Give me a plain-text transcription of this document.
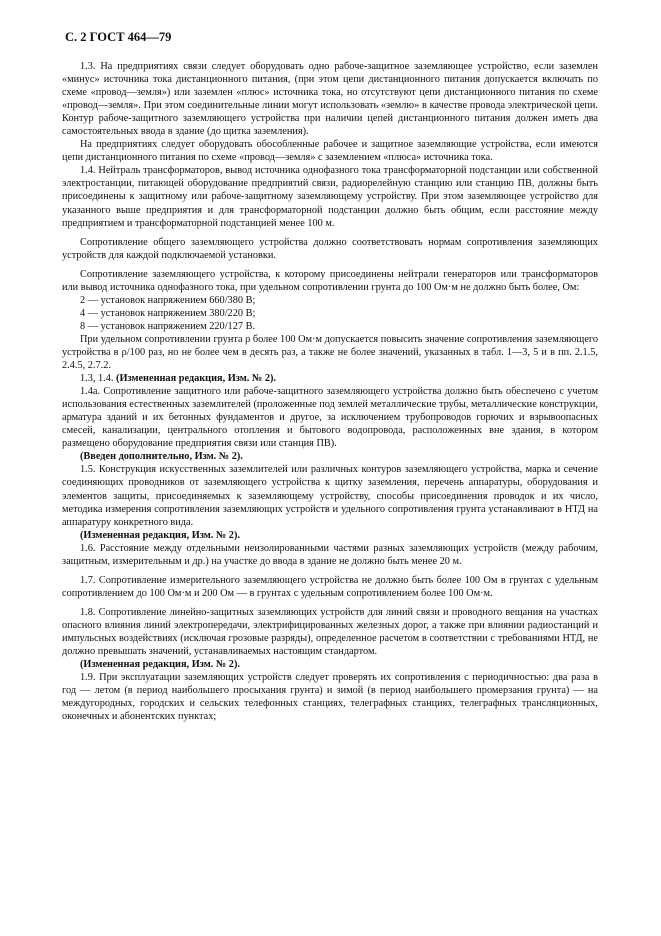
С. 2 ГОСТ 464—79

1.3. На предприятиях связи следует оборудовать одно рабоче-защитное заземляющее устройство, если заземлен «минус» источника тока дистанционного питания, (при этом цепи дистанционного питания допускается включать по схеме «провод—земля») или заземлен «плюс» источника тока, но отсутствуют цепи дистанционного питания по схеме «провод—земля». При этом соединительные линии могут использовать «землю» в качестве провода электрической цепи. Контур рабоче-защитного заземляющего устройства при наличии цепей дистанционного питания должен иметь два самостоятельных ввода в здание (до щитка заземления).

На предприятиях следует оборудовать обособленные рабочее и защитное заземляющие устройства, если имеются цепи дистанционного питания по схеме «провод—земля» с заземлением «плюса» источника тока.

1.4. Нейтраль трансформаторов, вывод источника однофазного тока трансформаторной подстанции или собственной электростанции, питающей оборудование предприятий связи, радиорелейную станцию или станцию ПВ, должны быть присоединены к защитному или рабоче-защитному заземляющему устройству. При этом заземляющее устройство для указанного выше предприятия и для трансформаторной подстанции должно быть общим, если расстояние между предприятием и трансформаторной подстанцией менее 100 м.

Сопротивление общего заземляющего устройства должно соответствовать нормам сопротивления заземляющих устройств для каждой подключаемой установки.

Сопротивление заземляющего устройства, к которому присоединены нейтрали генераторов или трансформаторов или вывод источника однофазного тока, при удельном сопротивлении грунта до 100 Ом·м не должно быть более, Ом:

2 — установок напряжением 660/380 В;

4 — установок напряжением 380/220 В;

8 — установок напряжением 220/127 В.

При удельном сопротивлении грунта ρ более 100 Ом·м допускается повысить значение сопротивления заземляющего устройства в ρ/100 раз, но не более чем в десять раз, а также не более значений, указанных в табл. 1—3, 5 и в пп. 2.1.5, 2.4.5, 2.7.2.

1.3, 1.4. (Измененная редакция, Изм. № 2).

1.4а. Сопротивление защитного или рабоче-защитного заземляющего устройства должно быть обеспечено с учетом использования естественных заземлителей (проложенные под землей металлические трубы, металлические конструкции, арматура зданий и их бетонных фундаментов и другое, за исключением трубопроводов горючих и взрывоопасных смесей, канализации, центрального отопления и бытового водопровода, расположенных вне здания, в котором размещено оборудование предприятия связи или станция ПВ).

(Введен дополнительно, Изм. № 2).

1.5. Конструкция искусственных заземлителей или различных контуров заземляющего устройства, марка и сечение соединяющих проводников от заземляющего устройства к щитку заземления, перечень аппаратуры, оборудования и элементов защиты, присоединяемых к заземляющему устройству, способы присоединения проводок и их число, методика измерения сопротивления заземляющих устройств и удельного сопротивления грунта устанавливают в НТД на аппаратуру конкретного вида.

(Измененная редакция, Изм. № 2).

1.6. Расстояние между отдельными неизолированными частями разных заземляющих устройств (между рабочим, защитным, измерительным и др.) на участке до ввода в здание не должно быть менее 20 м.

1.7. Сопротивление измерительного заземляющего устройства не должно быть более 100 Ом в грунтах с удельным сопротивлением до 100 Ом·м и 200 Ом — в грунтах с удельным сопротивлением более 100 Ом·м.

1.8. Сопротивление линейно-защитных заземляющих устройств для линий связи и проводного вещания на участках опасного влияния линий электропередачи, электрифицированных железных дорог, а также при влиянии радиостанций и импульсных воздействиях (исключая грозовые разряды), определенное расчетом в соответствии с требованиями НТД, не должно превышать значений, устанавливаемых настоящим стандартом.

(Измененная редакция, Изм. № 2).

1.9. При эксплуатации заземляющих устройств следует проверять их сопротивления с периодичностью: два раза в год — летом (в период наибольшего просыхания грунта) и зимой (в период наибольшего промерзания грунта) — на междугородных, городских и сельских телефонных станциях, телеграфных станциях, телеграфных трансляционных, оконечных и абонентских пунктах;
